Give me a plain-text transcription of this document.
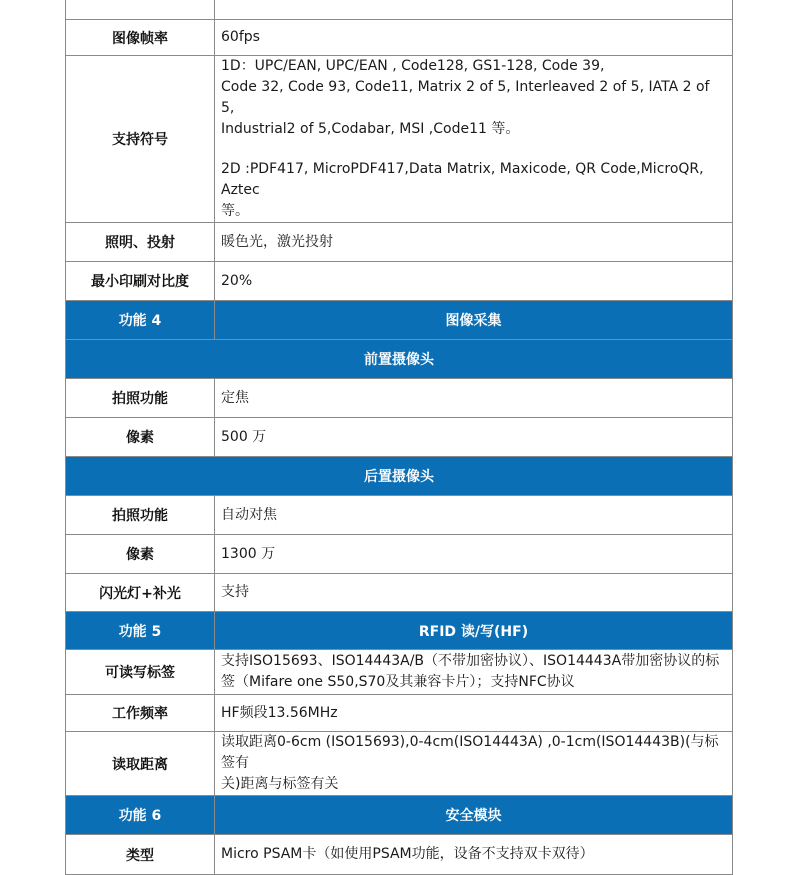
图像帧率	60fps

支持符号	1D：UPC/EAN, UPC/EAN , Code128, GS1-128, Code 39,

Code 32, Code 93, Code11, Matrix 2 of 5, Interleaved 2 of 5, IATA 2 of 5,

Industrial2 of 5,Codabar, MSI ,Code11 等。

2D :PDF417, MicroPDF417,Data Matrix, Maxicode, QR Code,MicroQR, Aztec

等。

照明、投射	暖色光，激光投射

最小印刷对比度	20%

功能 4	图像采集
前置摄像头	
拍照功能	定焦

像素	500 万

后置摄像头	
拍照功能	自动对焦

像素	1300 万

闪光灯+补光	支持

功能 5	RFID 读/写(HF)
可读写标签	支持ISO15693、ISO14443A/B（不带加密协议）、ISO14443A带加密协议的标

签（Mifare one S50,S70及其兼容卡片）；支持NFC协议

工作频率	HF频段13.56MHz

读取距离	读取距离0-6cm (ISO15693),0-4cm(ISO14443A) ,0-1cm(ISO14443B)(与标签有

关)距离与标签有关

功能 6	安全模块
类型	Micro PSAM卡（如使用PSAM功能，设备不支持双卡双待）
